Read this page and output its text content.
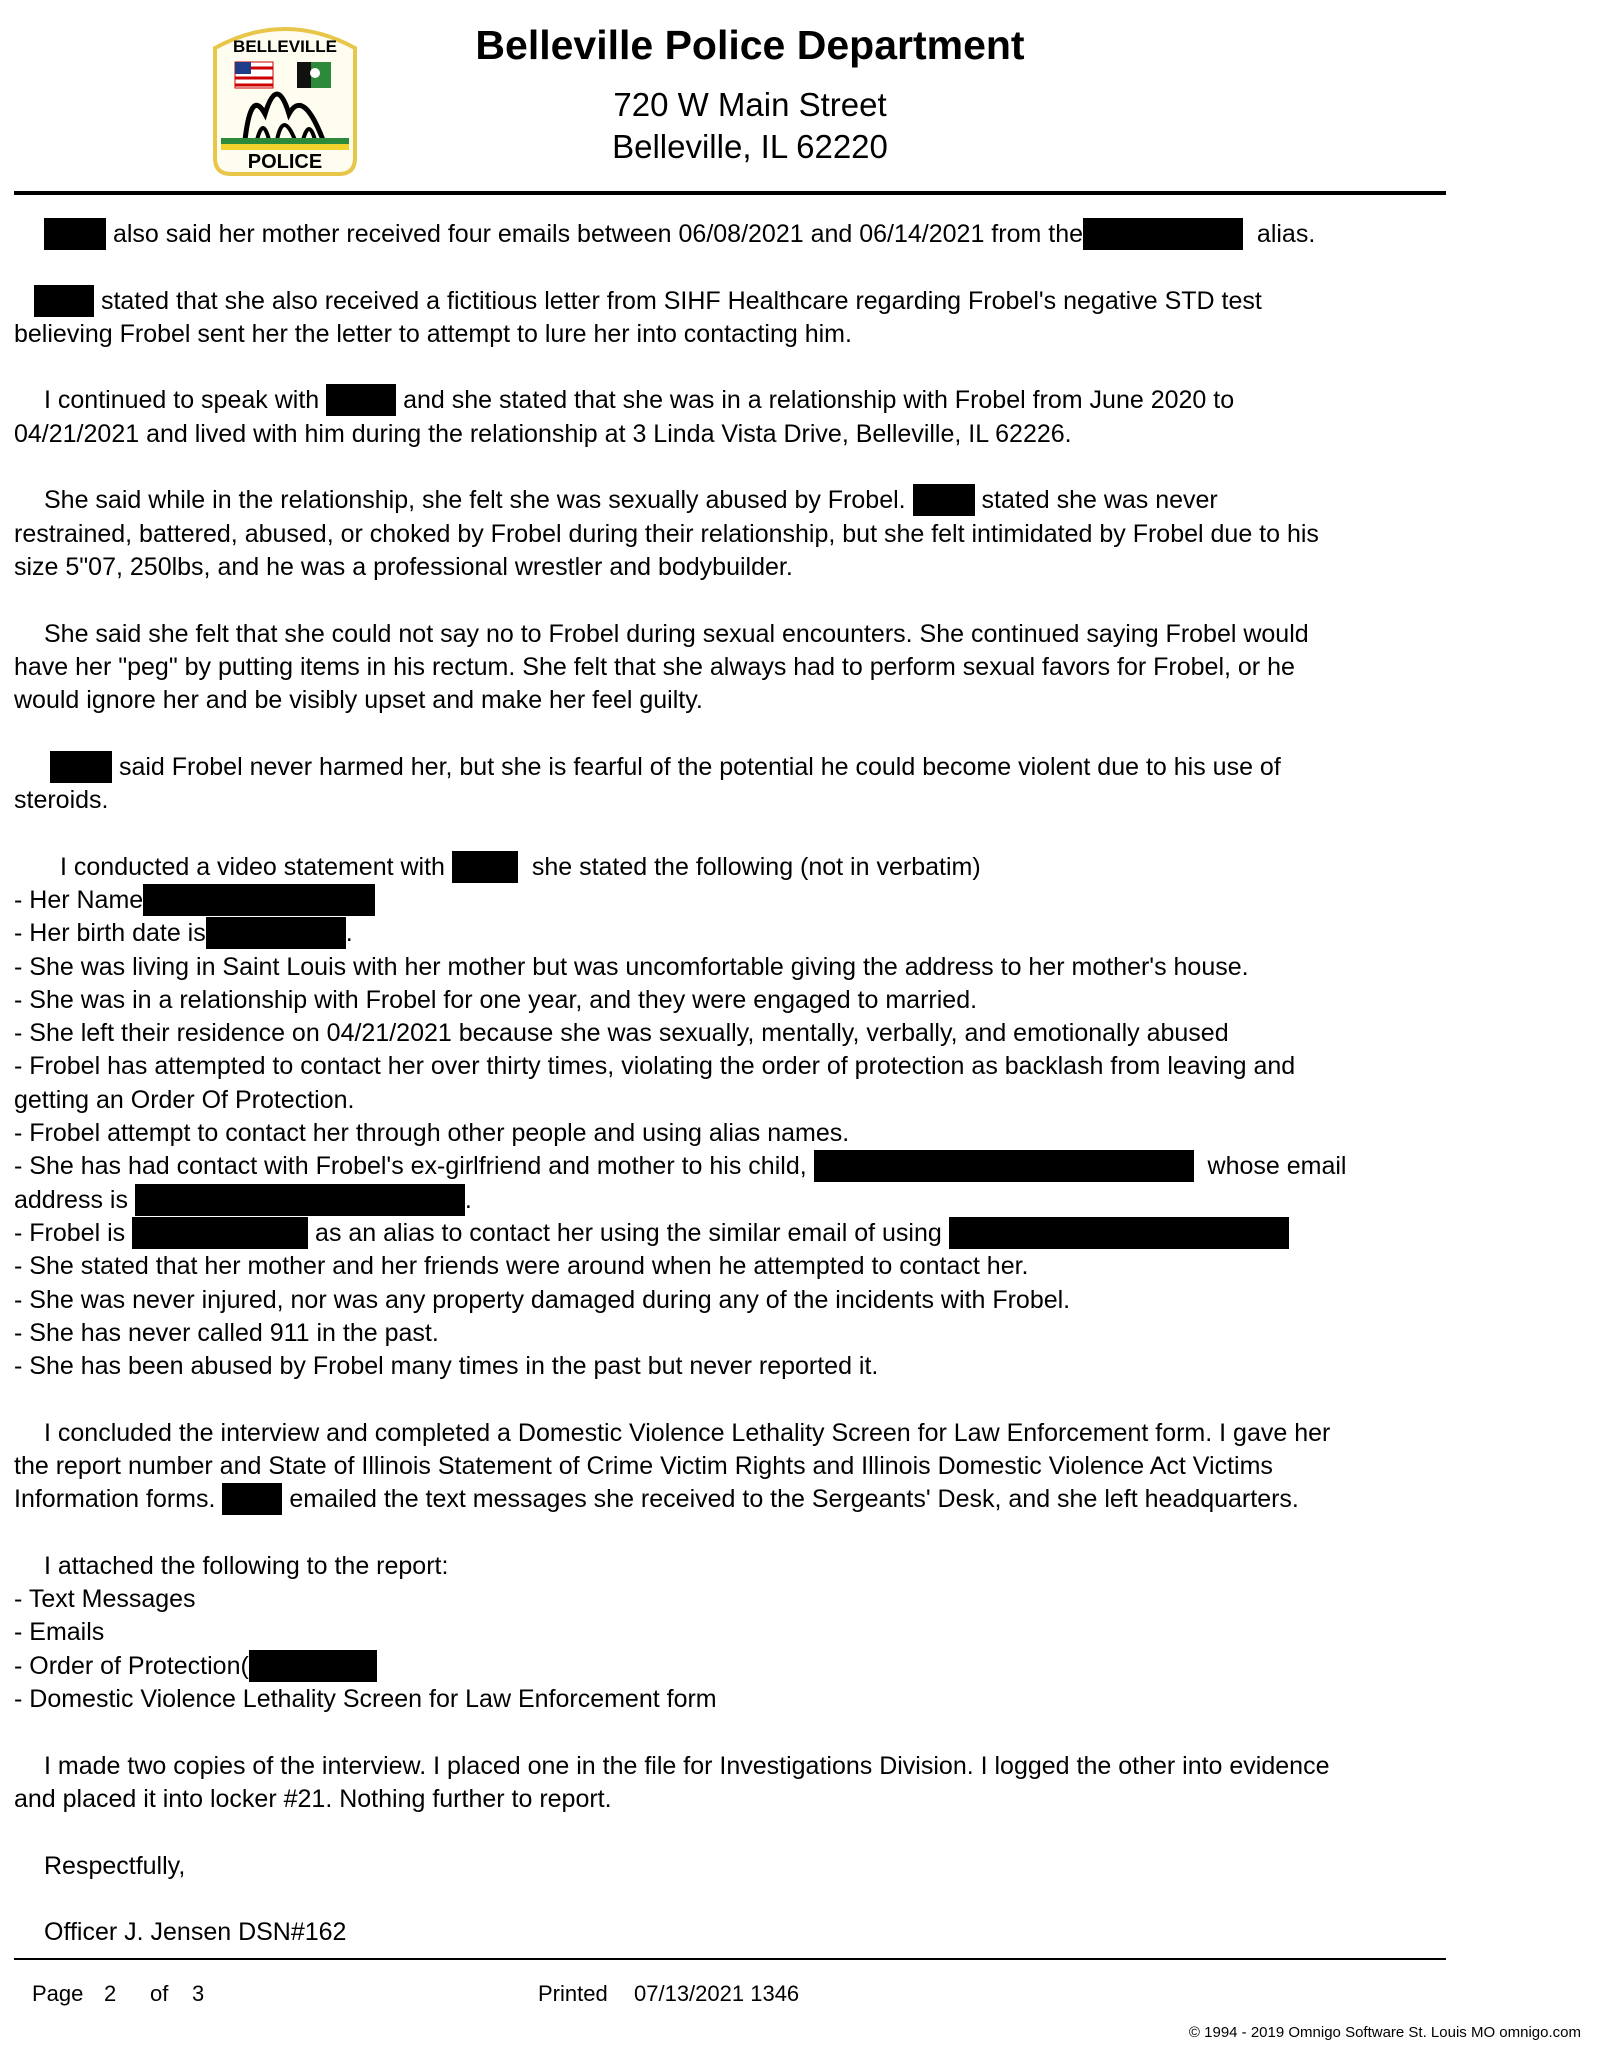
BELLEVILLE
POLICE
Belleville Police Department
720 W Main Street
Belleville, IL 62220

also said her mother received four emails between 06/08/2021 and 06/14/2021 from the	alias.

stated that she also received a fictitious letter from SIHF Healthcare regarding Frobel's negative STD test
believing Frobel sent her the letter to attempt to lure her into contacting him.

I continued to speak with	and she stated that she was in a relationship with Frobel from June 2020 to
04/21/2021 and lived with him during the relationship at 3 Linda Vista Drive, Belleville, IL 62226.

She said while in the relationship, she felt she was sexually abused by Frobel.	stated she was never
restrained, battered, abused, or choked by Frobel during their relationship, but she felt intimidated by Frobel due to his
size 5"07, 250lbs, and he was a professional wrestler and bodybuilder.

She said she felt that she could not say no to Frobel during sexual encounters. She continued saying Frobel would
have her "peg" by putting items in his rectum. She felt that she always had to perform sexual favors for Frobel, or he
would ignore her and be visibly upset and make her feel guilty.

said Frobel never harmed her, but she is fearful of the potential he could become violent due to his use of
steroids.

I conducted a video statement with	she stated the following (not in verbatim)
- Her Name
- Her birth date is	.
- She was living in Saint Louis with her mother but was uncomfortable giving the address to her mother's house.
- She was in a relationship with Frobel for one year, and they were engaged to married.
- She left their residence on 04/21/2021 because she was sexually, mentally, verbally, and emotionally abused
- Frobel has attempted to contact her over thirty times, violating the order of protection as backlash from leaving and
getting an Order Of Protection.
- Frobel attempt to contact her through other people and using alias names.
- She has had contact with Frobel's ex-girlfriend and mother to his child,	whose email
address is	.
- Frobel is	as an alias to contact her using the similar email of using
- She stated that her mother and her friends were around when he attempted to contact her.
- She was never injured, nor was any property damaged during any of the incidents with Frobel.
- She has never called 911 in the past.
- She has been abused by Frobel many times in the past but never reported it.

I concluded the interview and completed a Domestic Violence Lethality Screen for Law Enforcement form. I gave her
the report number and State of Illinois Statement of Crime Victim Rights and Illinois Domestic Violence Act Victims
Information forms.	emailed the text messages she received to the Sergeants' Desk, and she left headquarters.

I attached the following to the report:
- Text Messages
- Emails
- Order of Protection(
- Domestic Violence Lethality Screen for Law Enforcement form

I made two copies of the interview. I placed one in the file for Investigations Division. I logged the other into evidence
and placed it into locker #21. Nothing further to report.

Respectfully,

Officer J. Jensen DSN#162

Page 2 of 3	Printed 07/13/2021 1346
© 1994 - 2019 Omnigo Software St. Louis MO omnigo.com
